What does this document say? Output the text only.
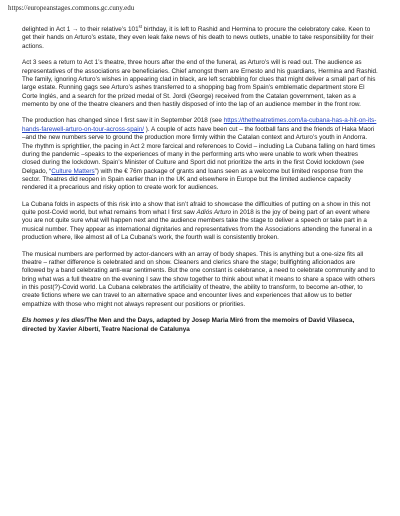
https://europeanstages.commons.gc.cuny.edu

delighted in Act 1 → to their relative’s 101st birthday, it is left to Rashid and Hermina to procure the celebratory cake. Keen to get their hands on Arturo’s estate, they even leak fake news of his death to news outlets, unable to take responsibility for their actions.

Act 3 sees a return to Act 1’s theatre, three hours after the end of the funeral, as Arturo’s will is read out. The audience as representatives of the associations are beneficiaries. Chief amongst them are Ernesto and his guardians, Hermina and Rashid. The family, ignoring Arturo’s wishes in appearing clad in black, are left scrabbling for clues that might deliver a small part of his large estate. Running gags see Arturo’s ashes transferred to a shopping bag from Spain’s emblematic department store El Corte Inglés, and a search for the prized medal of St. Jordi (George) received from the Catalan government, taken as a memento by one of the theatre cleaners and then hastily disposed of into the lap of an audience member in the front row.

The production has changed since I first saw it in September 2018 (see https://thetheatretimes.com/la-cubana-has-a-hit-on-its-hands-farewell-arturo-on-tour-across-spain/ ). A couple of acts have been cut – the football fans and the friends of Haka Maori –and the new numbers serve to ground the production more firmly within the Catalan context and Arturo’s youth in Andorra. The rhythm is sprightlier, the pacing in Act 2 more farcical and references to Covid – including La Cubana falling on hard times during the pandemic –speaks to the experiences of many in the performing arts who were unable to work when theatres closed during the lockdown. Spain’s Minister of Culture and Sport did not prioritize the arts in the first Covid lockdown (see Delgado, “Culture Matters”) with the € 76m package of grants and loans seen as a welcome but limited response from the sector. Theatres did reopen in Spain earlier than in the UK and elsewhere in Europe but the limited audience capacity rendered it a precarious and risky option to create work for audiences.

La Cubana folds in aspects of this risk into a show that isn’t afraid to showcase the difficulties of putting on a show in this not quite post-Covid world, but what remains from what I first saw Adiós Arturo in 2018 is the joy of being part of an event where you are not quite sure what will happen next and the audience members take the stage to deliver a speech or take part in a musical number. They appear as international dignitaries and representatives from the Associations attending the funeral in a production where, like almost all of La Cubana’s work, the fourth wall is consistently broken.

The musical numbers are performed by actor-dancers with an array of body shapes. This is anything but a one-size fits all theatre – rather difference is celebrated and on show. Cleaners and clerics share the stage; bullfighting aficionados are followed by a band celebrating anti-war sentiments. But the one constant is celebrance, a need to celebrate community and to bring what was a full theatre on the evening I saw the show together to think about what it means to share a space with others in this post(?)-Covid world. La Cubana celebrates the artificiality of theatre, the ability to transform, to become an-other, to create fictions where we can travel to an alternative space and encounter lives and experiences that allow us to better empathize with those who might not always represent our positions or priorities.

Els homes y les dies/The Men and the Days, adapted by Josep Maria Miró from the memoirs of David Vilaseca, directed by Xavier Albertí, Teatre Nacional de Catalunya
